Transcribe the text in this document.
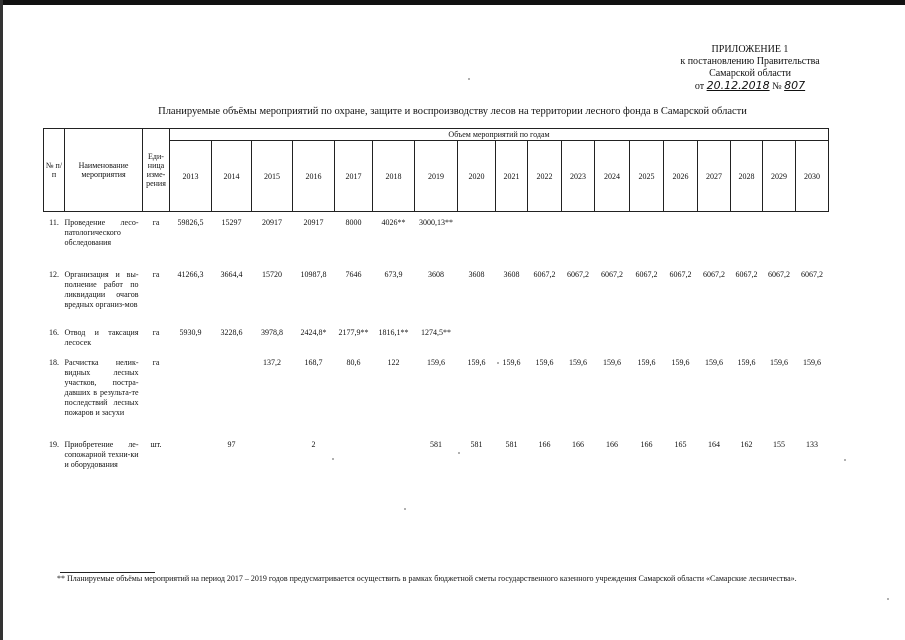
ПРИЛОЖЕНИЕ 1
к постановлению Правительства
Самарской области
от 20.12.2018 № 807
Планируемые объёмы мероприятий по охране, защите и воспроизводству лесов на территории лесного фонда в Самарской области
№ п/п	Наименование мероприятия	Еди-ница изме-рения	Объем мероприятий по годам																	
			2013	2014	2015	2016	2017	2018	2019	2020	2021	2022	2023	2024	2025	2026	2027	2028	2029	2030
11.	Проведение лесо-патологического обследования	га	59826,5	15297	20917	20917	8000	4026**	3000,13**											
12.	Организация и вы-полнение работ по ликвидации очагов вредных организ-мов	га	41266,3	3664,4	15720	10987,8	7646	673,9	3608	3608	3608	6067,2	6067,2	6067,2	6067,2	6067,2	6067,2	6067,2	6067,2	6067,2
16.	Отвод и таксация лесосек	га	5930,9	3228,6	3978,8	2424,8*	2177,9**	1816,1**	1274,5**											
18.	Расчистка нелик-видных лесных участков, постра-давших в результа-те последствий лесных пожаров и засухи	га			137,2	168,7	80,6	122	159,6	159,6	159,6	159,6	159,6	159,6	159,6	159,6	159,6	159,6	159,6	159,6
19.	Приобретение ле-сопожарной техни-ки и оборудования	шт.		97		2			581	581	581	166	166	166	166	165	164	162	155	133
** Планируемые объёмы мероприятий на период 2017 – 2019 годов предусматривается осуществить в рамках бюджетной сметы государственного казенного учреждения Самарской области «Самарские лесничества».
